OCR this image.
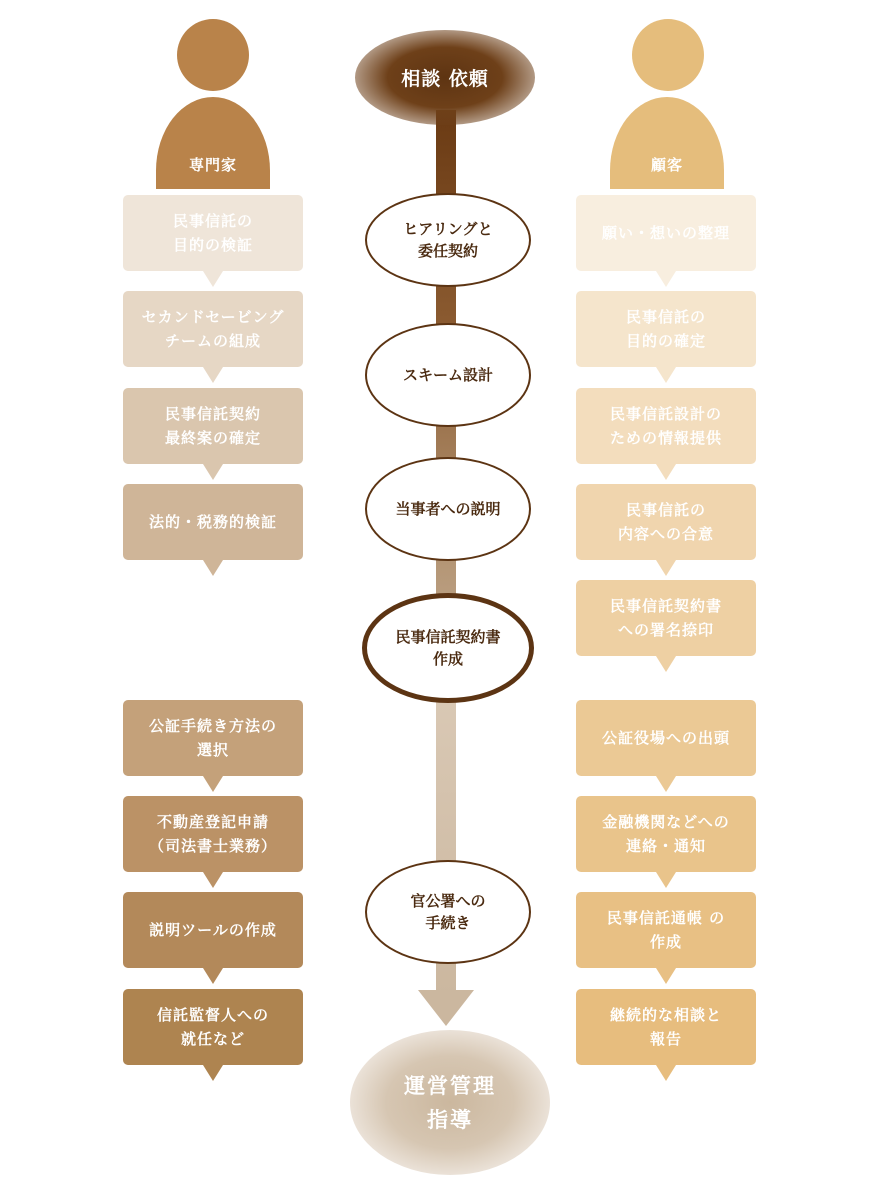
相談 依頼
運営管理
指導
専門家	顧客
ヒアリングと
委任契約
スキーム設計
当事者への説明
民事信託契約書
作成
官公署への
手続き
民事信託の
目的の検証
セカンドセービング
チームの組成
民事信託契約
最終案の確定
法的・税務的検証
公証手続き方法の
選択
不動産登記申請
（司法書士業務）
説明ツールの作成
信託監督人への
就任など
願い・想いの整理
民事信託の
目的の確定
民事信託設計の
ための情報提供
民事信託の
内容への合意
民事信託契約書
への署名捺印
公証役場への出頭
金融機関などへの
連絡・通知
民事信託通帳 の
作成
継続的な相談と
報告
